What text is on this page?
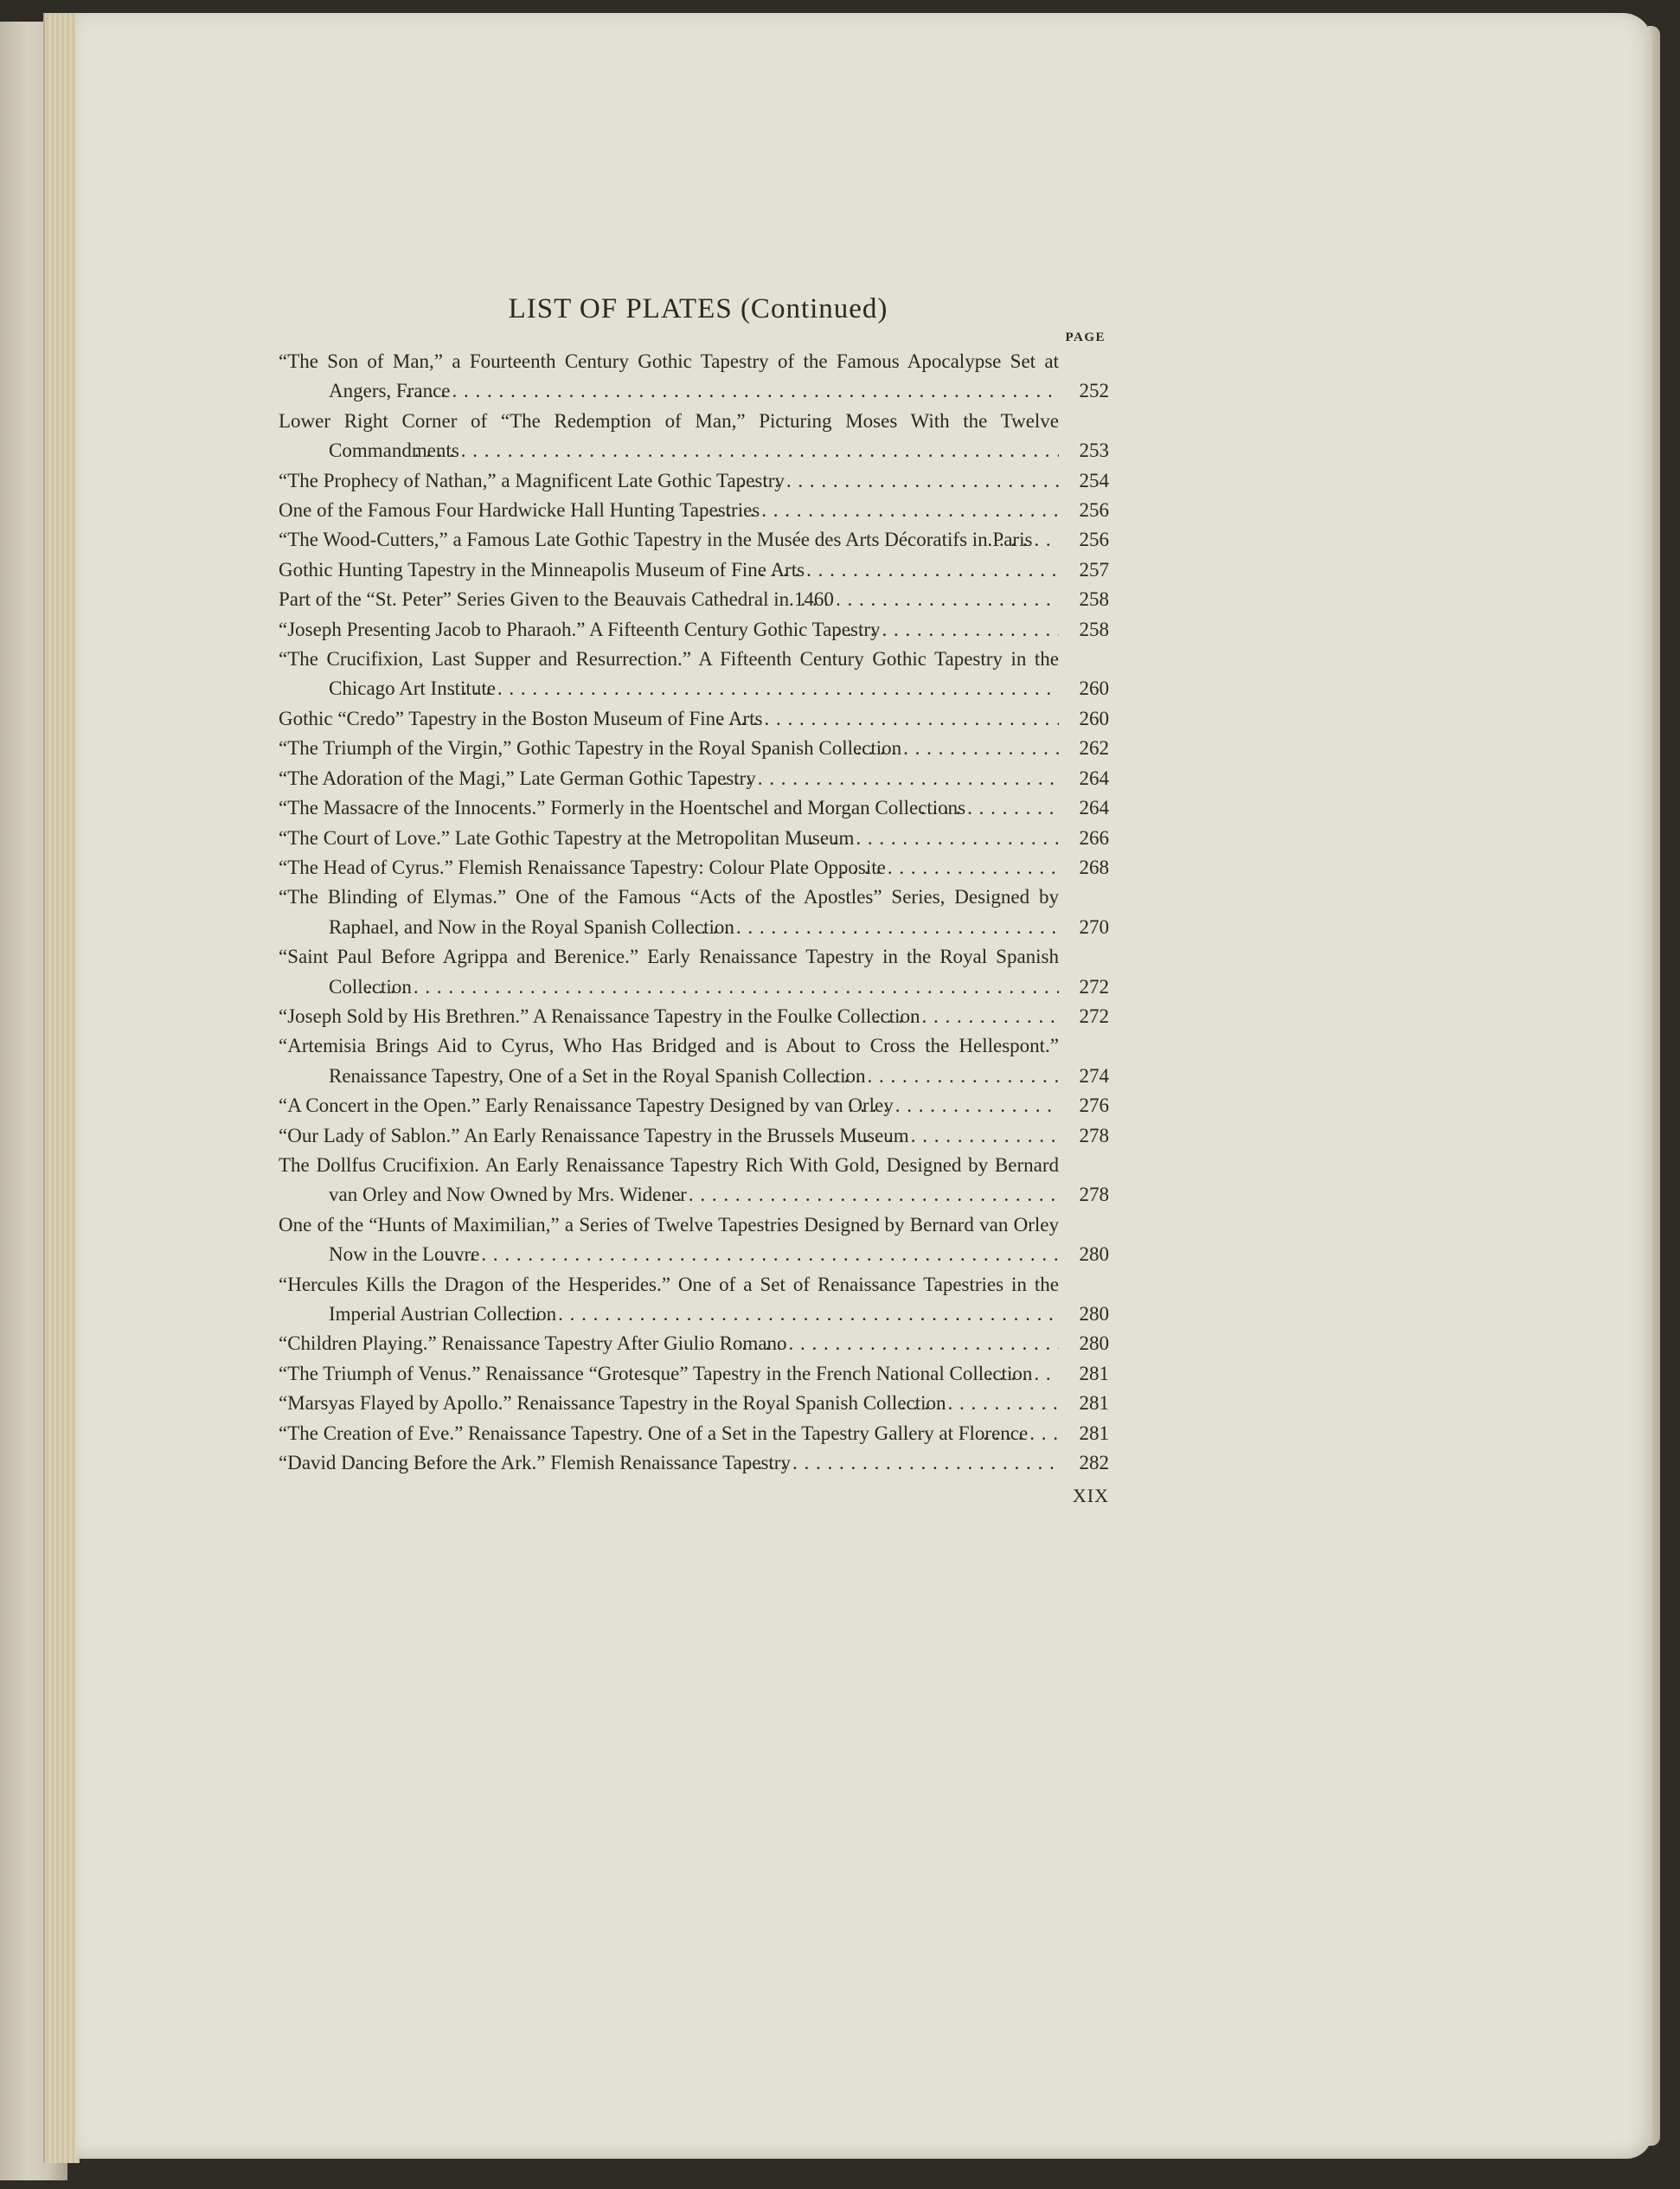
LIST OF PLATES (Continued)
PAGE
“The Son of Man,” a Fourteenth Century Gothic Tapestry of the Famous Apocalypse Set at Angers, France . . .	252
Lower Right Corner of “The Redemption of Man,” Picturing Moses With the Twelve Commandments . . .	253
“The Prophecy of Nathan,” a Magnificent Late Gothic Tapestry . . .	254
One of the Famous Four Hardwicke Hall Hunting Tapestries . . .	256
“The Wood-Cutters,” a Famous Late Gothic Tapestry in the Musée des Arts Décoratifs in Paris . . .	256
Gothic Hunting Tapestry in the Minneapolis Museum of Fine Arts . . .	257
Part of the “St. Peter” Series Given to the Beauvais Cathedral in 1460 . . .	258
“Joseph Presenting Jacob to Pharaoh.” A Fifteenth Century Gothic Tapestry . . .	258
“The Crucifixion, Last Supper and Resurrection.” A Fifteenth Century Gothic Tapestry in the Chicago Art Institute . . .	260
Gothic “Credo” Tapestry in the Boston Museum of Fine Arts . . .	260
“The Triumph of the Virgin,” Gothic Tapestry in the Royal Spanish Collection . . .	262
“The Adoration of the Magi,” Late German Gothic Tapestry . . .	264
“The Massacre of the Innocents.” Formerly in the Hoentschel and Morgan Collections . . .	264
“The Court of Love.” Late Gothic Tapestry at the Metropolitan Museum . . .	266
“The Head of Cyrus.” Flemish Renaissance Tapestry: Colour Plate Opposite . . .	268
“The Blinding of Elymas.” One of the Famous “Acts of the Apostles” Series, Designed by Raphael, and Now in the Royal Spanish Collection . . .	270
“Saint Paul Before Agrippa and Berenice.” Early Renaissance Tapestry in the Royal Spanish Collection . . .	272
“Joseph Sold by His Brethren.” A Renaissance Tapestry in the Foulke Collection . . .	272
“Artemisia Brings Aid to Cyrus, Who Has Bridged and is About to Cross the Hellespont.” Renaissance Tapestry, One of a Set in the Royal Spanish Collection . . .	274
“A Concert in the Open.” Early Renaissance Tapestry Designed by van Orley . . .	276
“Our Lady of Sablon.” An Early Renaissance Tapestry in the Brussels Museum . . .	278
The Dollfus Crucifixion. An Early Renaissance Tapestry Rich With Gold, Designed by Bernard van Orley and Now Owned by Mrs. Widener . . .	278
One of the “Hunts of Maximilian,” a Series of Twelve Tapestries Designed by Bernard van Orley Now in the Louvre . . .	280
“Hercules Kills the Dragon of the Hesperides.” One of a Set of Renaissance Tapestries in the Imperial Austrian Collection . . .	280
“Children Playing.” Renaissance Tapestry After Giulio Romano . . .	280
“The Triumph of Venus.” Renaissance “Grotesque” Tapestry in the French National Collection . . .	281
“Marsyas Flayed by Apollo.” Renaissance Tapestry in the Royal Spanish Collection . . .	281
“The Creation of Eve.” Renaissance Tapestry. One of a Set in the Tapestry Gallery at Florence . . .	281
“David Dancing Before the Ark.” Flemish Renaissance Tapestry . . .	282
XIX
